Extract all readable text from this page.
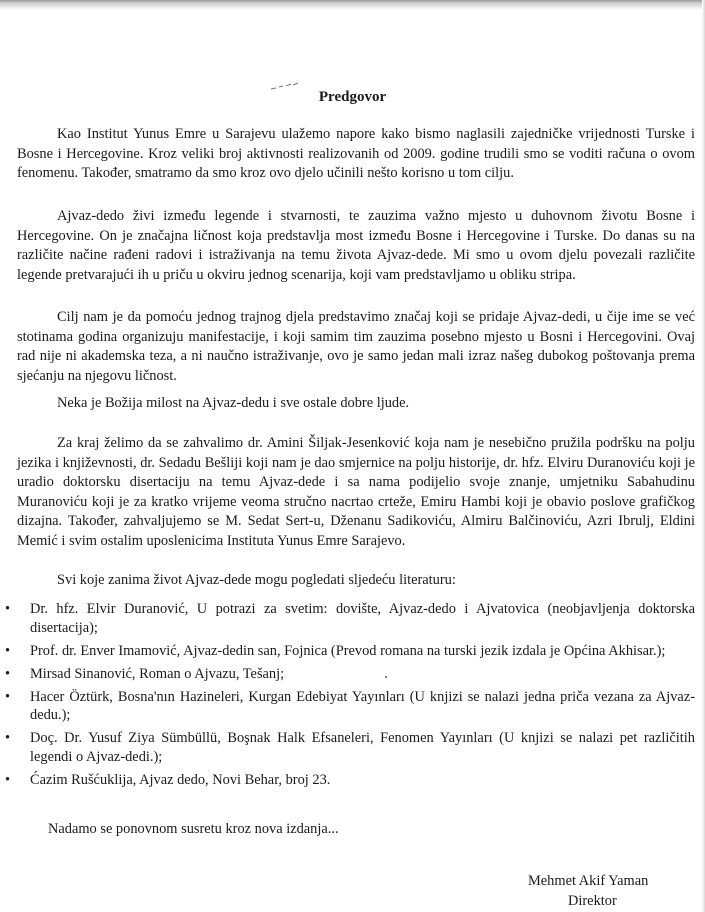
Predgovor

Kao Institut Yunus Emre u Sarajevu ulažemo napore kako bismo naglasili zajedničke vrijednosti Turske i Bosne i Hercegovine. Kroz veliki broj aktivnosti realizovanih od 2009. godine trudili smo se voditi računa o ovom fenomenu. Također, smatramo da smo kroz ovo djelo učinili nešto korisno u tom cilju.

Ajvaz-dedo živi između legende i stvarnosti, te zauzima važno mjesto u duhovnom životu Bosne i Hercegovine. On je značajna ličnost koja predstavlja most između Bosne i Hercegovine i Turske. Do danas su na različite načine rađeni radovi i istraživanja na temu života Ajvaz-dede. Mi smo u ovom djelu povezali različite legende pretvarajući ih u priču u okviru jednog scenarija, koji vam predstavljamo u obliku stripa.

Cilj nam je da pomoću jednog trajnog djela predstavimo značaj koji se pridaje Ajvaz-dedi, u čije ime se već stotinama godina organizuju manifestacije, i koji samim tim zauzima posebno mjesto u Bosni i Hercegovini. Ovaj rad nije ni akademska teza, a ni naučno istraživanje, ovo je samo jedan mali izraz našeg dubokog poštovanja prema sjećanju na njegovu ličnost.

Neka je Božija milost na Ajvaz-dedu i sve ostale dobre ljude.

Za kraj želimo da se zahvalimo dr. Amini Šiljak-Jesenković koja nam je nesebično pružila podršku na polju jezika i književnosti, dr. Sedadu Bešliji koji nam je dao smjernice na polju historije, dr. hfz. Elviru Duranoviću koji je uradio doktorsku disertaciju na temu Ajvaz-dede i sa nama podijelio svoje znanje, umjetniku Sabahudinu Muranoviću koji je za kratko vrijeme veoma stručno nacrtao crteže, Emiru Hambi koji je obavio poslove grafičkog dizajna. Također, zahvaljujemo se M. Sedat Sert-u, Dženanu Sadikoviću, Almiru Balčinoviću, Azri Ibrulj, Eldini Memić i svim ostalim uposlenicima Instituta Yunus Emre Sarajevo.

Svi koje zanima život Ajvaz-dede mogu pogledati sljedeću literaturu:

• Dr. hfz. Elvir Duranović, U potrazi za svetim: dovište, Ajvaz-dedo i Ajvatovica (neobjavljenja doktorska disertacija);
• Prof. dr. Enver Imamović, Ajvaz-dedin san, Fojnica (Prevod romana na turski jezik izdala je Općina Akhisar.);
• Mirsad Sinanović, Roman o Ajvazu, Tešanj;
• Hacer Öztürk, Bosna'nın Hazineleri, Kurgan Edebiyat Yayınları (U knjizi se nalazi jedna priča vezana za Ajvaz-dedu.);
• Doç. Dr. Yusuf Ziya Sümbüllü, Boşnak Halk Efsaneleri, Fenomen Yayınları (U knjizi se nalazi pet različitih legendi o Ajvaz-dedi.);
• Ćazim Rušćuklija, Ajvaz dedo, Novi Behar, broj 23.

Nadamo se ponovnom susretu kroz nova izdanja...

Mehmet Akif Yaman

Direktor
